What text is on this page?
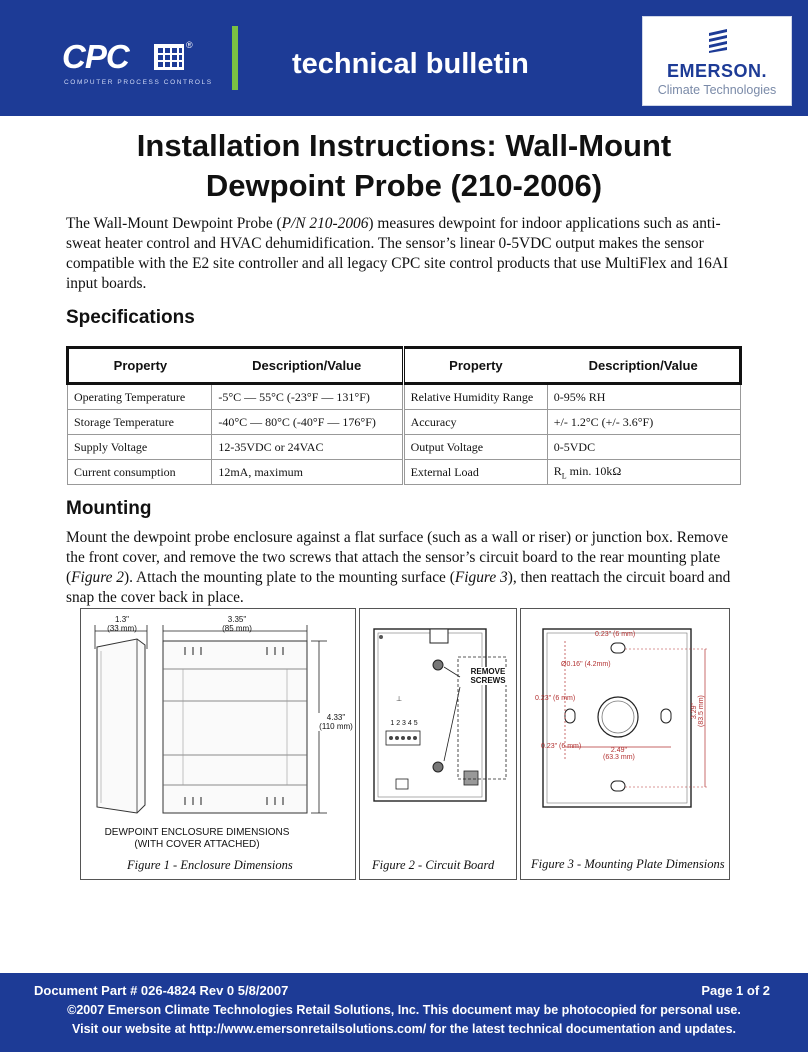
CPC	®
COMPUTER PROCESS CONTROLS
technical bulletin	EMERSON.
Climate Technologies
Installation Instructions: Wall-Mount
Dewpoint Probe (210-2006)
The Wall-Mount Dewpoint Probe (P/N 210-2006) measures dewpoint for indoor applications such as anti-sweat heater control and HVAC dehumidification. The sensor’s linear 0-5VDC output makes the sensor compatible with the E2 site controller and all legacy CPC site control products that use MultiFlex and 16AI input boards.
Specifications
Property	Description/Value	Property	Description/Value
Operating Temperature	-5°C — 55°C (-23°F — 131°F)	Relative Humidity Range	0-95% RH
Storage Temperature	-40°C — 80°C (-40°F — 176°F)	Accuracy	+/- 1.2°C (+/- 3.6°F)
Supply Voltage	12-35VDC or 24VAC	Output Voltage	0-5VDC
Current consumption	12mA, maximum	External Load	$R_L$ min. 10kΩ
Mounting
Mount the dewpoint probe enclosure against a flat surface (such as a wall or riser) or junction box. Remove the front cover, and remove the two screws that attach the sensor’s circuit board to the rear mounting plate (Figure 2). Attach the mounting plate to the mounting surface (Figure 3), then reattach the circuit board and snap the cover back in place.
1.3"
(33 mm)
3.35"
(85 mm)
4.33"
(110 mm)
DEWPOINT ENCLOSURE DIMENSIONS
(WITH COVER ATTACHED)
Figure 1 - Enclosure Dimensions
⊥
REMOVE
SCREWS
1 2 3 4 5
Figure 2 - Circuit Board
0.23" (6 mm)
Ø0.16" (4.2mm)
0.23" (6 mm)
0.23" (6 mm)
2.49"
(63.3 mm)
3.29" (83.5 mm)
Figure 3 - Mounting Plate Dimensions
Document Part # 026-4824 Rev 0 5/8/2007	Page 1 of 2
©2007 Emerson Climate Technologies Retail Solutions, Inc. This document may be photocopied for personal use.
Visit our website at http://www.emersonretailsolutions.com/ for the latest technical documentation and updates.
